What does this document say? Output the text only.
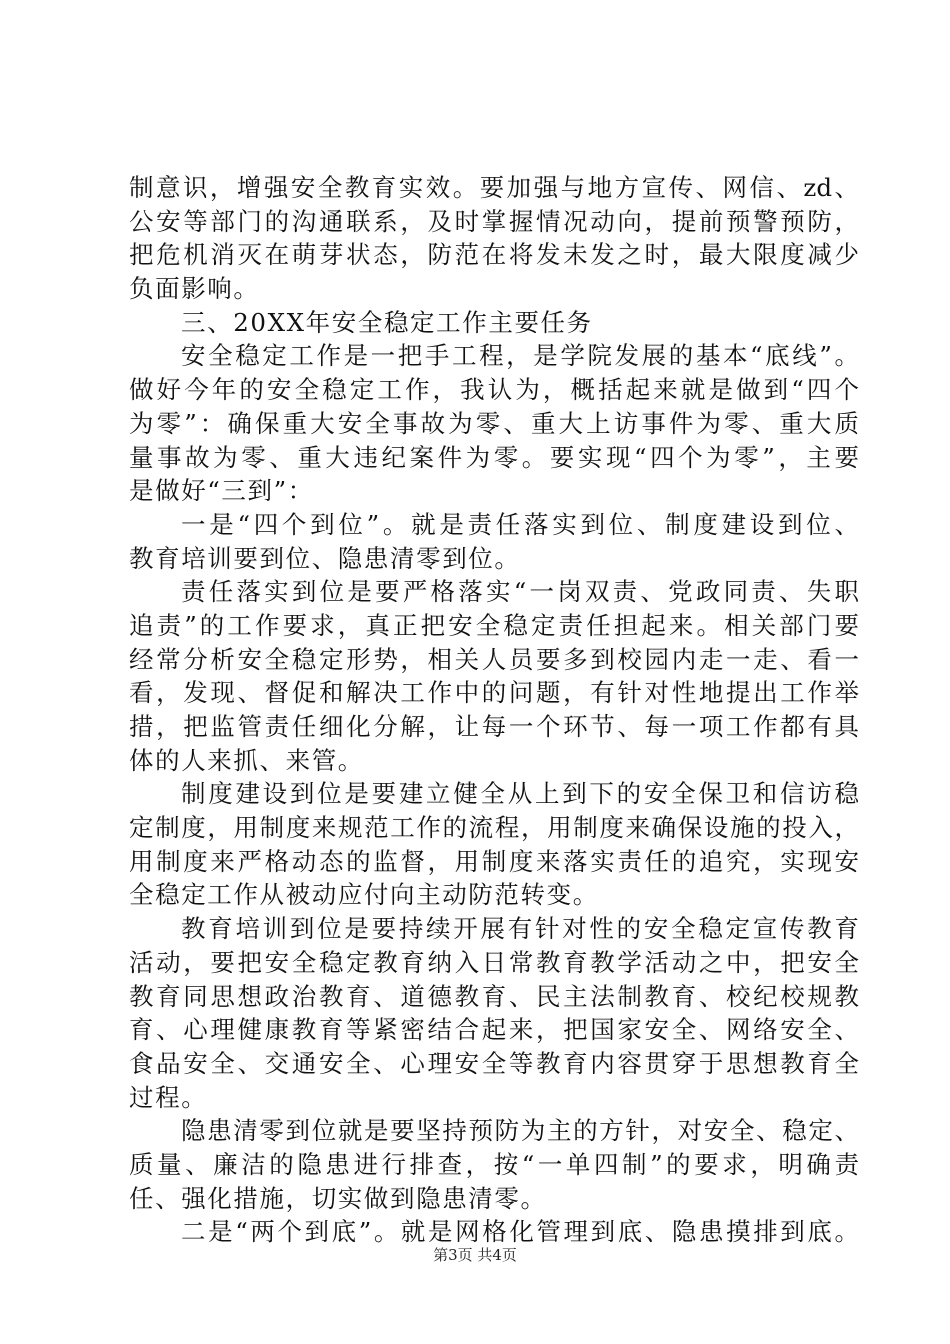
制意识，增强安全教育实效。要加强与地方宣传、网信、zd、
公安等部门的沟通联系，及时掌握情况动向，提前预警预防，
把危机消灭在萌芽状态，防范在将发未发之时，最大限度减少
负面影响。
三、20XX年安全稳定工作主要任务
安全稳定工作是一把手工程，是学院发展的基本“底线”。
做好今年的安全稳定工作，我认为，概括起来就是做到“四个
为零”：确保重大安全事故为零、重大上访事件为零、重大质
量事故为零、重大违纪案件为零。要实现“四个为零”，主要
是做好“三到”：
一是“四个到位”。就是责任落实到位、制度建设到位、
教育培训要到位、隐患清零到位。
责任落实到位是要严格落实“一岗双责、党政同责、失职
追责”的工作要求，真正把安全稳定责任担起来。相关部门要
经常分析安全稳定形势，相关人员要多到校园内走一走、看一
看，发现、督促和解决工作中的问题，有针对性地提出工作举
措，把监管责任细化分解，让每一个环节、每一项工作都有具
体的人来抓、来管。
制度建设到位是要建立健全从上到下的安全保卫和信访稳
定制度，用制度来规范工作的流程，用制度来确保设施的投入，
用制度来严格动态的监督，用制度来落实责任的追究，实现安
全稳定工作从被动应付向主动防范转变。
教育培训到位是要持续开展有针对性的安全稳定宣传教育
活动，要把安全稳定教育纳入日常教育教学活动之中，把安全
教育同思想政治教育、道德教育、民主法制教育、校纪校规教
育、心理健康教育等紧密结合起来，把国家安全、网络安全、
食品安全、交通安全、心理安全等教育内容贯穿于思想教育全
过程。
隐患清零到位就是要坚持预防为主的方针，对安全、稳定、
质量、廉洁的隐患进行排查，按“一单四制”的要求，明确责
任、强化措施，切实做到隐患清零。
二是“两个到底”。就是网格化管理到底、隐患摸排到底。
第3页 共4页
